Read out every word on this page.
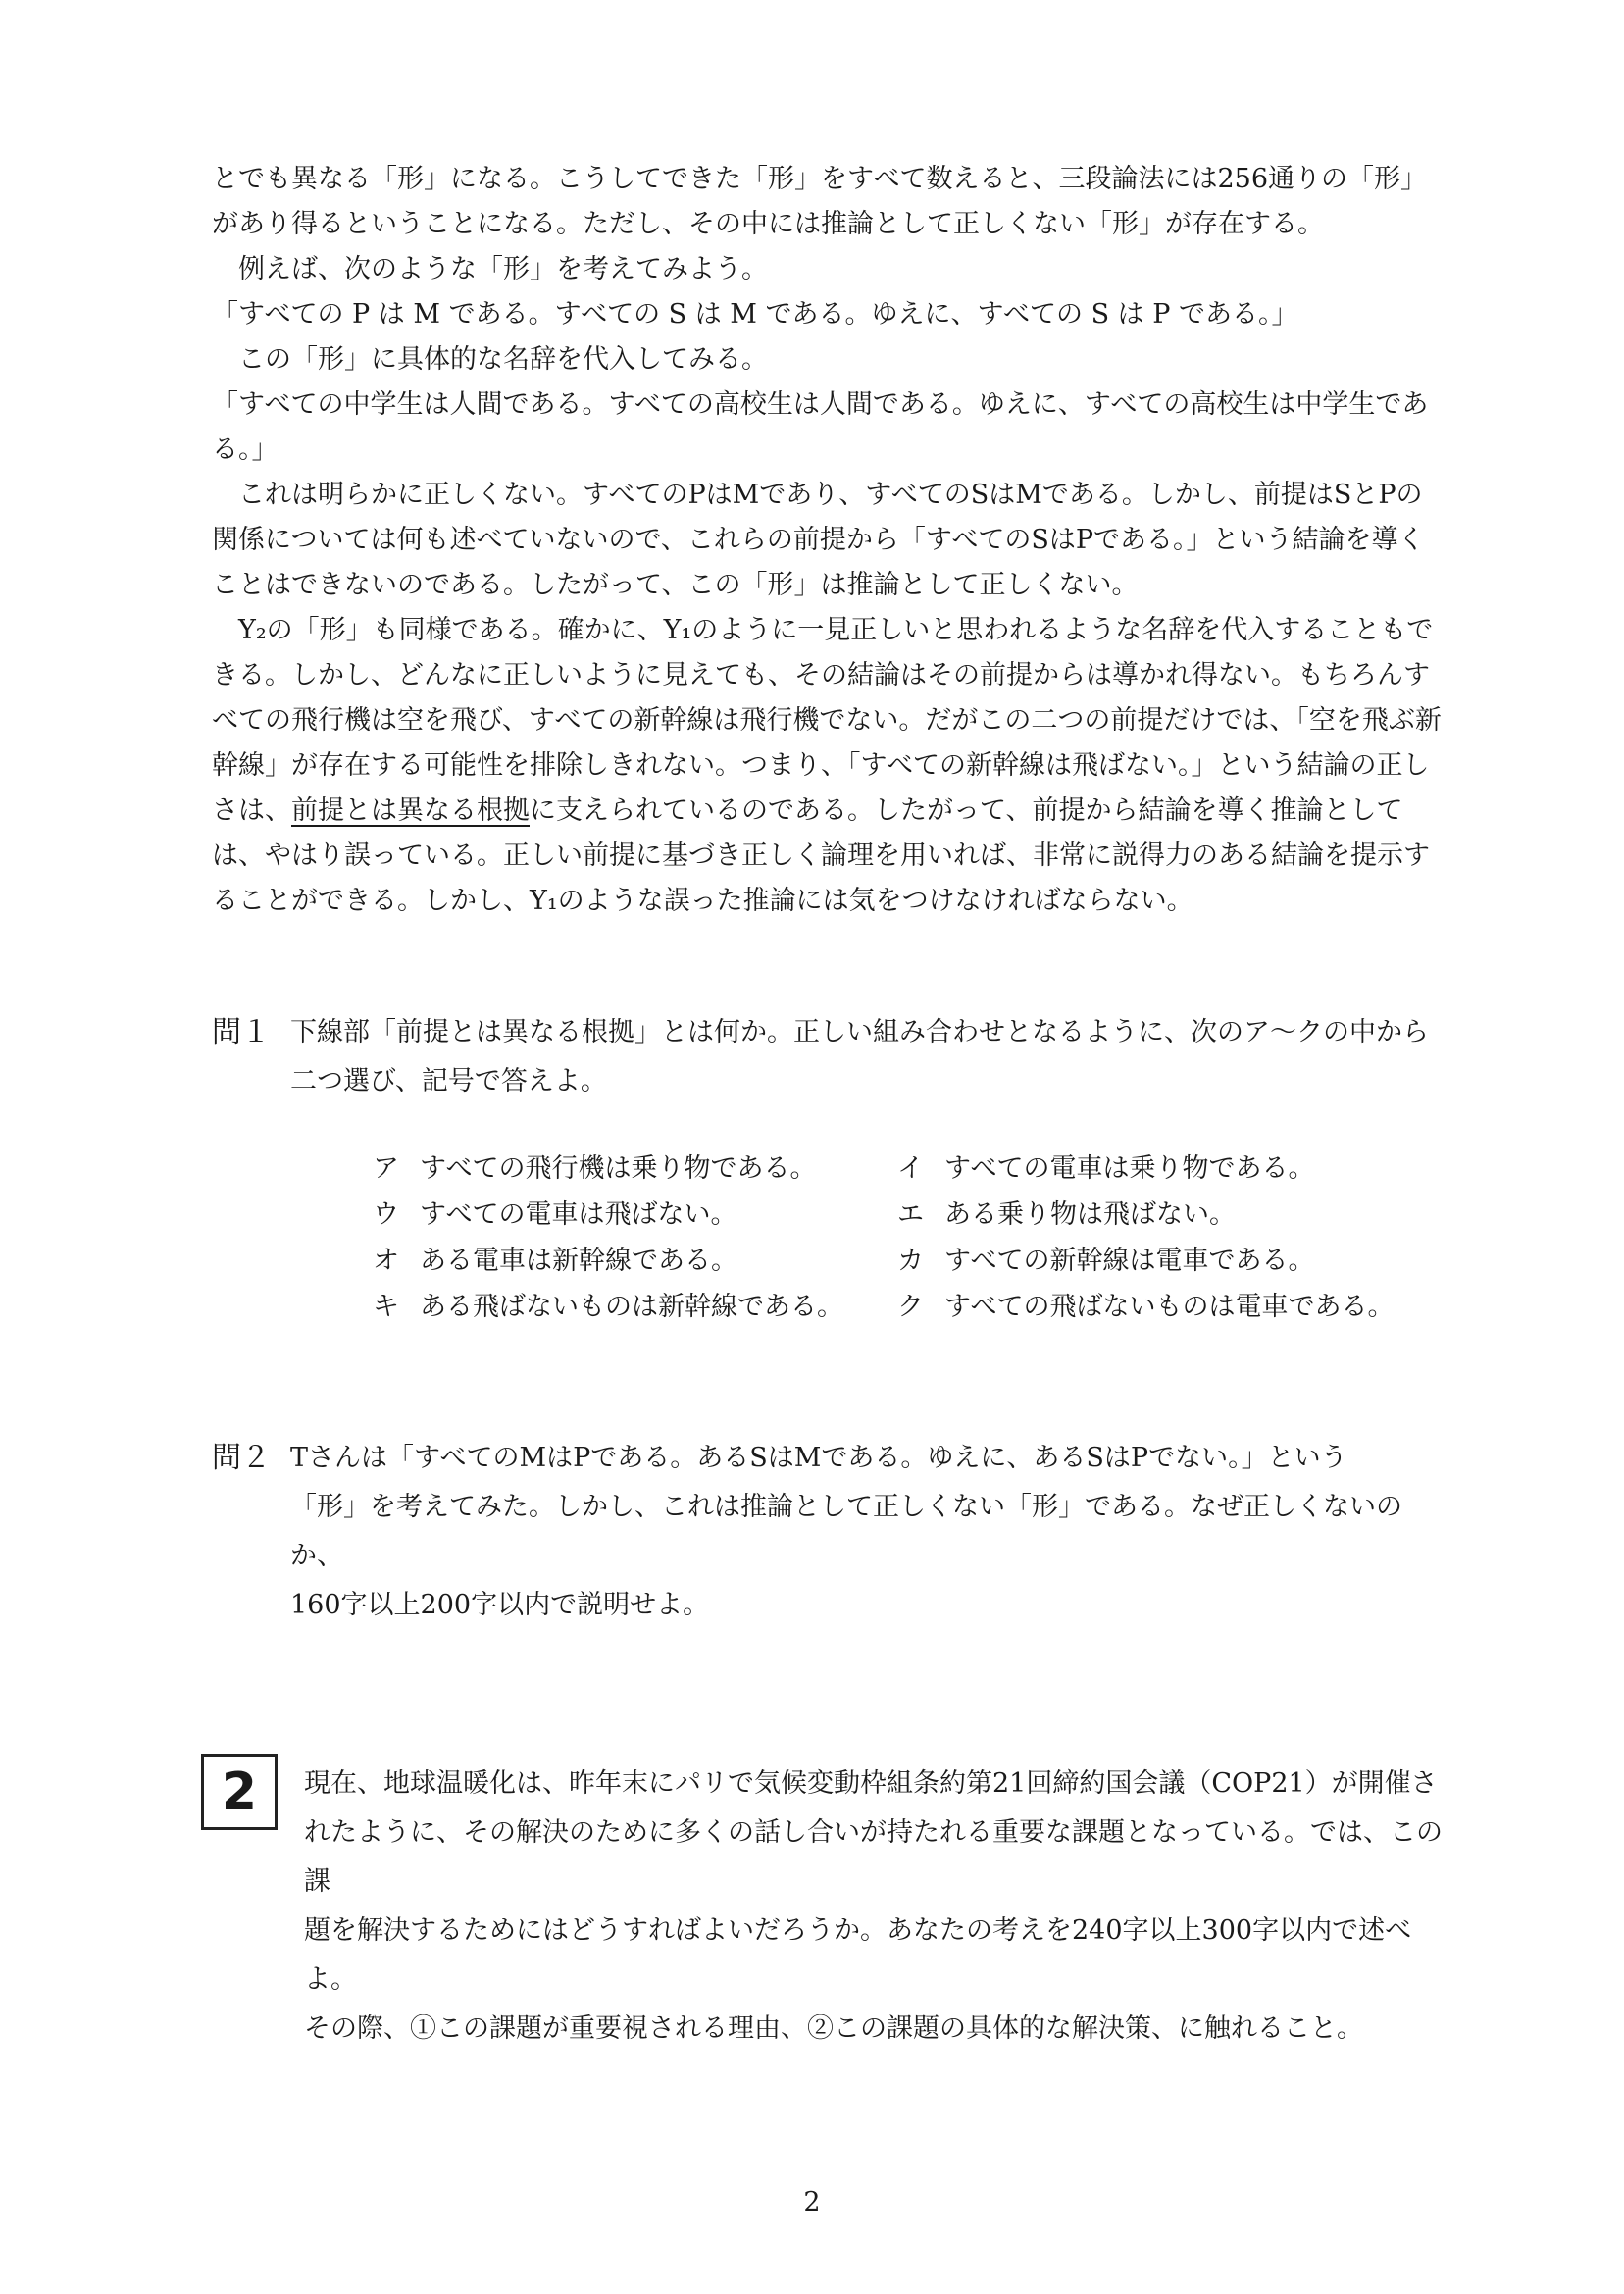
とでも異なる「形」になる。こうしてできた「形」をすべて数えると、三段論法には256通りの「形」があり得るということになる。ただし、その中には推論として正しくない「形」が存在する。

例えば、次のような「形」を考えてみよう。

「すべての P は M である。すべての S は M である。ゆえに、すべての S は P である。」

この「形」に具体的な名辞を代入してみる。

「すべての中学生は人間である。すべての高校生は人間である。ゆえに、すべての高校生は中学生である。」

これは明らかに正しくない。すべてのPはMであり、すべてのSはMである。しかし、前提はSとPの関係については何も述べていないので、これらの前提から「すべてのSはPである。」という結論を導くことはできないのである。したがって、この「形」は推論として正しくない。

Y₂の「形」も同様である。確かに、Y₁のように一見正しいと思われるような名辞を代入することもできる。しかし、どんなに正しいように見えても、その結論はその前提からは導かれ得ない。もちろんすべての飛行機は空を飛び、すべての新幹線は飛行機でない。だがこの二つの前提だけでは、「空を飛ぶ新幹線」が存在する可能性を排除しきれない。つまり、「すべての新幹線は飛ばない。」という結論の正しさは、前提とは異なる根拠に支えられているのである。したがって、前提から結論を導く推論としては、やはり誤っている。正しい前提に基づき正しく論理を用いれば、非常に説得力のある結論を提示することができる。しかし、Y₁のような誤った推論には気をつけなければならない。

問１ 下線部「前提とは異なる根拠」とは何か。正しい組み合わせとなるように、次のア〜クの中から二つ選び、記号で答えよ。

ア すべての飛行機は乗り物である。	イ すべての電車は乗り物である。
ウ すべての電車は飛ばない。	エ ある乗り物は飛ばない。
オ ある電車は新幹線である。	カ すべての新幹線は電車である。
キ ある飛ばないものは新幹線である。 ク すべての飛ばないものは電車である。
問２ Tさんは「すべてのMはPである。あるSはMである。ゆえに、あるSはPでない。」という

「形」を考えてみた。しかし、これは推論として正しくない「形」である。なぜ正しくないのか、

160字以上200字以内で説明せよ。

2	現在、地球温暖化は、昨年末にパリで気候変動枠組条約第21回締約国会議（COP21）が開催さ

れたように、その解決のために多くの話し合いが持たれる重要な課題となっている。では、この課

題を解決するためにはどうすればよいだろうか。あなたの考えを240字以上300字以内で述べよ。

その際、①この課題が重要視される理由、②この課題の具体的な解決策、に触れること。

2
